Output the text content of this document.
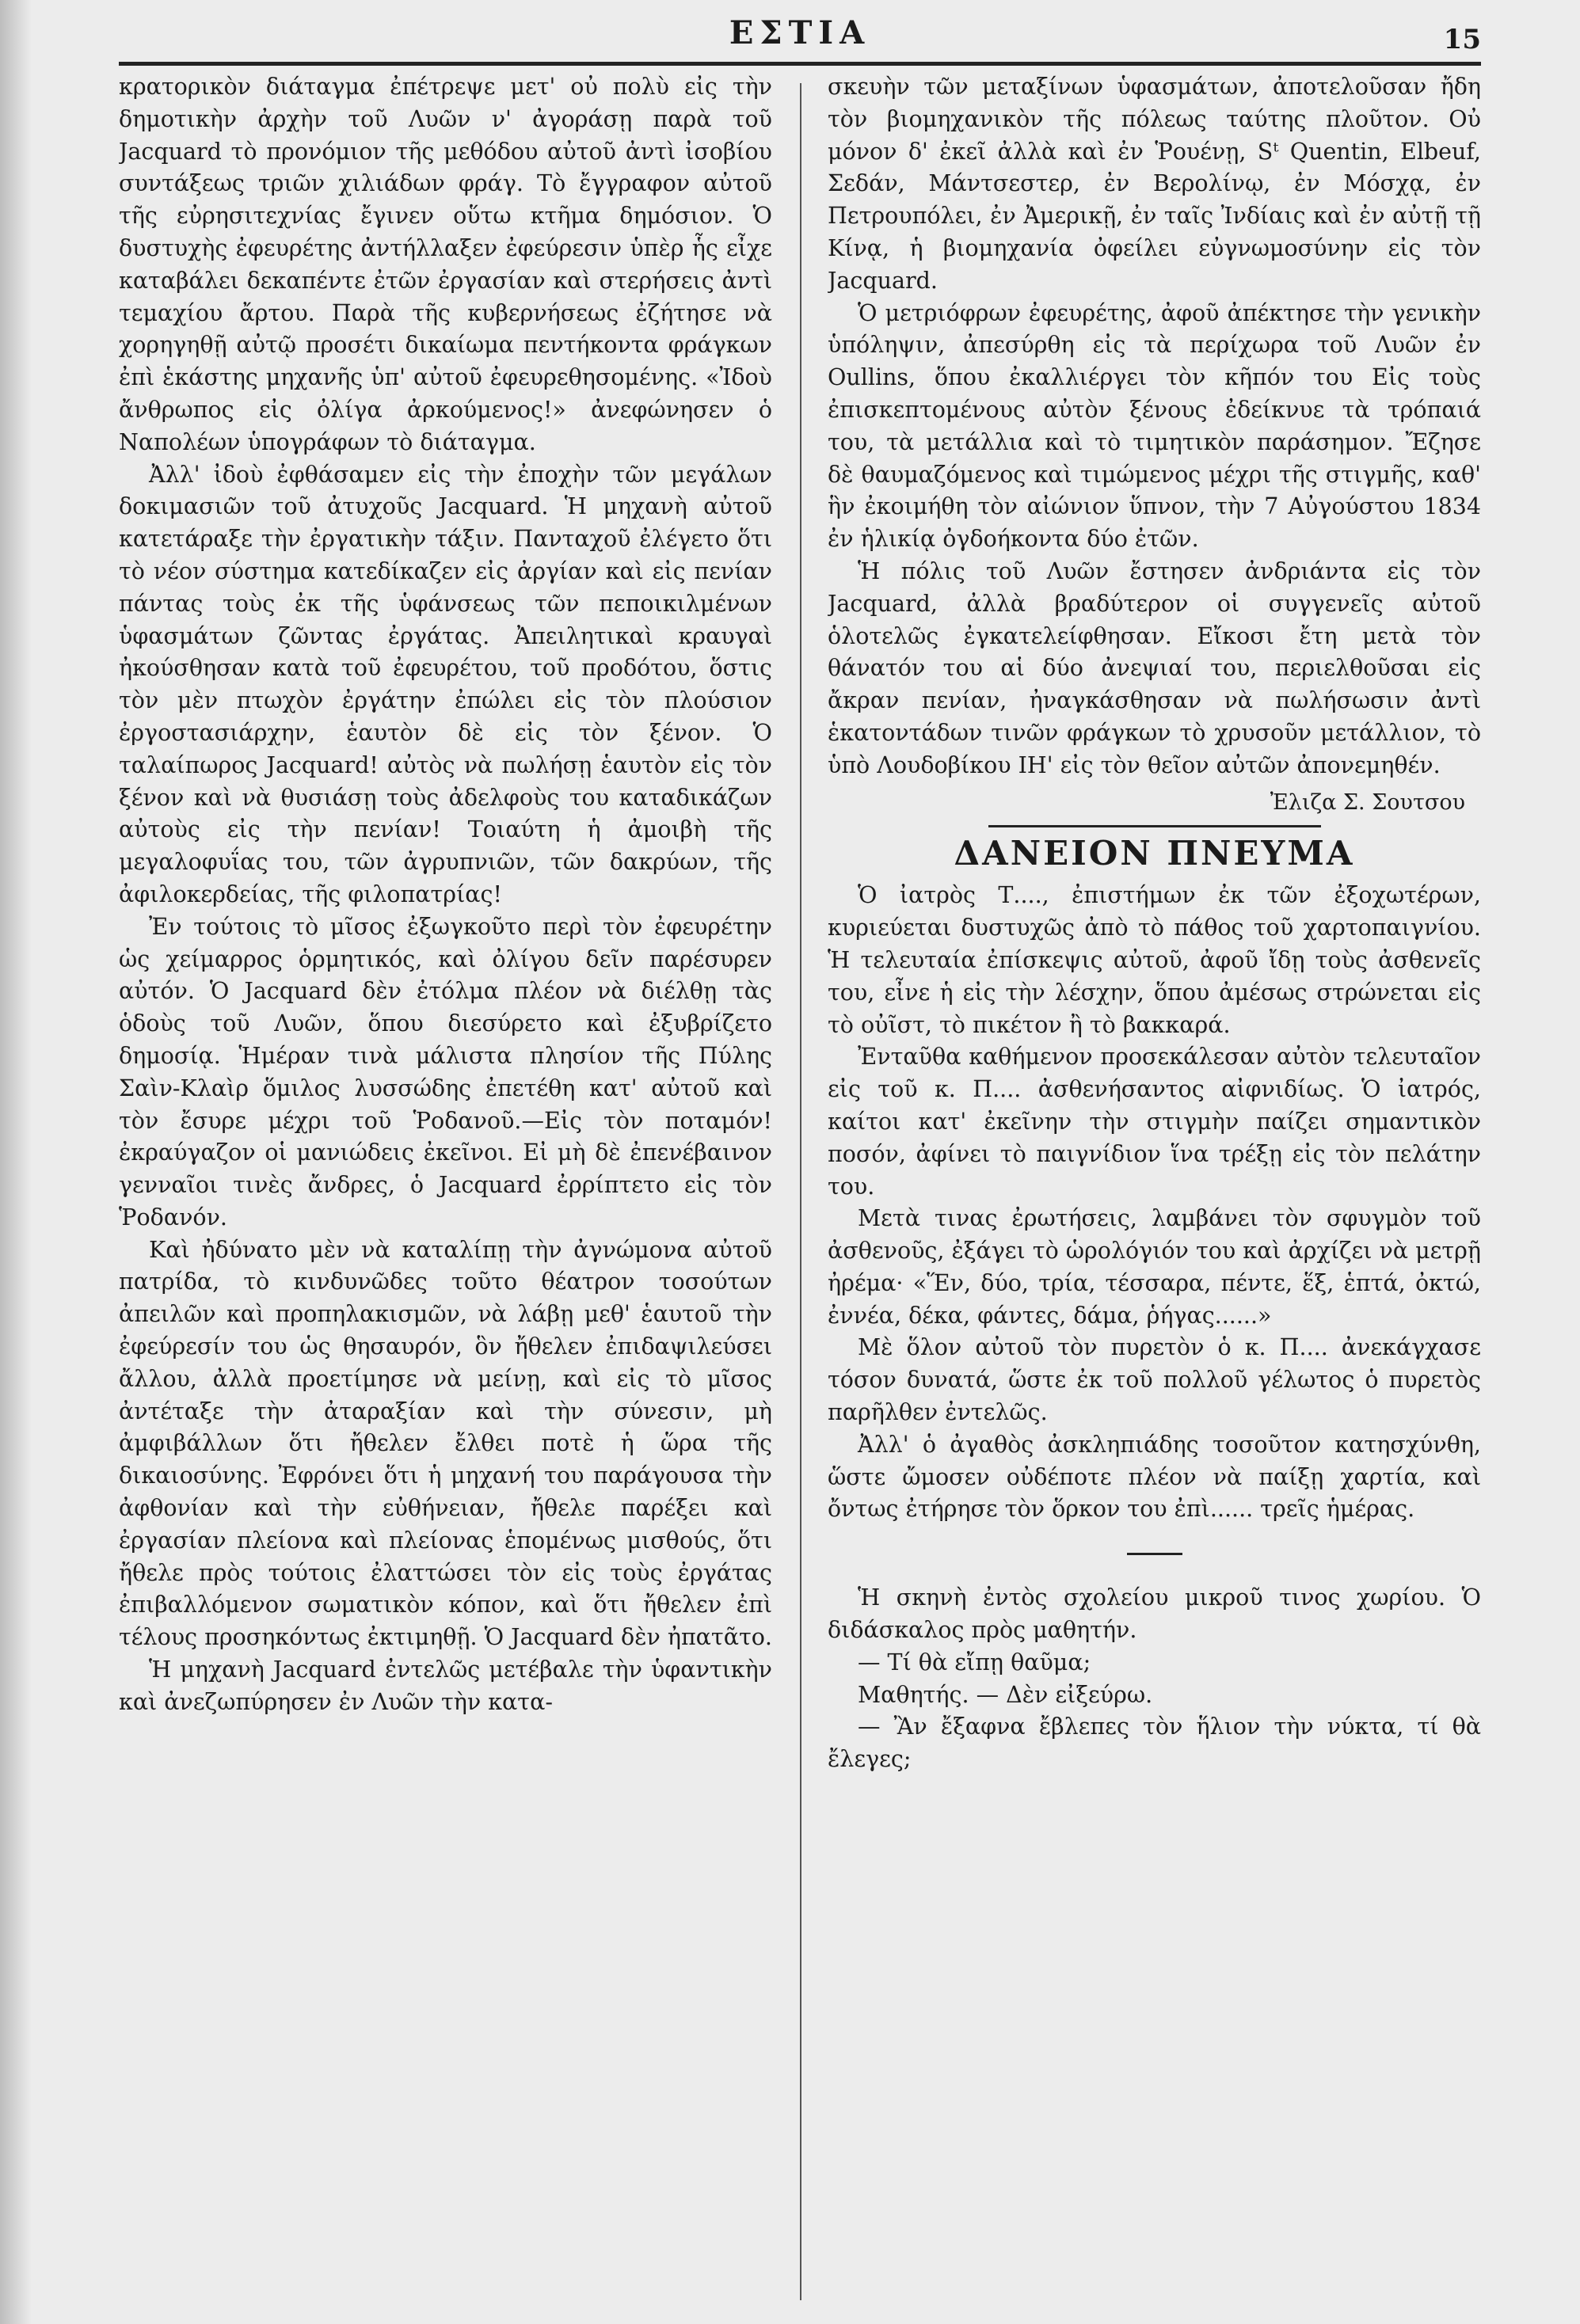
ΕΣΤΙΑ	15

κρατορικὸν διάταγμα ἐπέτρεψε μετ' οὐ πολὺ εἰς τὴν δημοτικὴν ἀρχὴν τοῦ Λυῶν ν' ἀγοράσῃ παρὰ τοῦ Jacquard τὸ προνόμιον τῆς μεθόδου αὐτοῦ ἀντὶ ἰσοβίου συντάξεως τριῶν χιλιάδων φράγ. Τὸ ἔγγραφον αὐτοῦ τῆς εὐρησιτεχνίας ἔγινεν οὕτω κτῆμα δημόσιον. Ὁ δυστυχὴς ἐφευρέτης ἀντήλλαξεν ἐφεύρεσιν ὑπὲρ ἧς εἶχε καταβάλει δεκαπέντε ἐτῶν ἐργασίαν καὶ στερήσεις ἀντὶ τεμαχίου ἄρτου. Παρὰ τῆς κυβερνήσεως ἐζήτησε νὰ χορηγηθῇ αὐτῷ προσέτι δικαίωμα πεντήκοντα φράγκων ἐπὶ ἑκάστης μηχανῆς ὑπ' αὐτοῦ ἐφευρεθησομένης. «Ἰδοὺ ἄνθρωπος εἰς ὀλίγα ἀρκούμενος!» ἀνεφώνησεν ὁ Ναπολέων ὑπογράφων τὸ διάταγμα.

Ἀλλ' ἰδοὺ ἐφθάσαμεν εἰς τὴν ἐποχὴν τῶν μεγάλων δοκιμασιῶν τοῦ ἀτυχοῦς Jacquard. Ἡ μηχανὴ αὐτοῦ κατετάραξε τὴν ἐργατικὴν τάξιν. Πανταχοῦ ἐλέγετο ὅτι τὸ νέον σύστημα κατεδίκαζεν εἰς ἀργίαν καὶ εἰς πενίαν πάντας τοὺς ἐκ τῆς ὑφάνσεως τῶν πεποικιλμένων ὑφασμάτων ζῶντας ἐργάτας. Ἀπειλητικαὶ κραυγαὶ ἠκούσθησαν κατὰ τοῦ ἐφευρέτου, τοῦ προδότου, ὅστις τὸν μὲν πτωχὸν ἐργάτην ἐπώλει εἰς τὸν πλούσιον ἐργοστασιάρχην, ἑαυτὸν δὲ εἰς τὸν ξένον. Ὁ ταλαίπωρος Jacquard! αὐτὸς νὰ πωλήσῃ ἑαυτὸν εἰς τὸν ξένον καὶ νὰ θυσιάσῃ τοὺς ἀδελφοὺς του καταδικάζων αὐτοὺς εἰς τὴν πενίαν! Τοιαύτη ἡ ἀμοιβὴ τῆς μεγαλοφυΐας του, τῶν ἀγρυπνιῶν, τῶν δακρύων, τῆς ἀφιλοκερδείας, τῆς φιλοπατρίας!

Ἐν τούτοις τὸ μῖσος ἐξωγκοῦτο περὶ τὸν ἐφευρέτην ὡς χείμαρρος ὁρμητικός, καὶ ὀλίγου δεῖν παρέσυρεν αὐτόν. Ὁ Jacquard δὲν ἐτόλμα πλέον νὰ διέλθῃ τὰς ὁδοὺς τοῦ Λυῶν, ὅπου διεσύρετο καὶ ἐξυβρίζετο δημοσίᾳ. Ἡμέραν τινὰ μάλιστα πλησίον τῆς Πύλης Σαὶν-Κλαὶρ ὅμιλος λυσσώδης ἐπετέθη κατ' αὐτοῦ καὶ τὸν ἔσυρε μέχρι τοῦ Ῥοδανοῦ.—Εἰς τὸν ποταμόν! ἐκραύγαζον οἱ μανιώδεις ἐκεῖνοι. Εἰ μὴ δὲ ἐπενέβαινον γενναῖοι τινὲς ἄνδρες, ὁ Jacquard ἐρρίπτετο εἰς τὸν Ῥοδανόν.

Καὶ ἠδύνατο μὲν νὰ καταλίπῃ τὴν ἀγνώμονα αὐτοῦ πατρίδα, τὸ κινδυνῶδες τοῦτο θέατρον τοσούτων ἀπειλῶν καὶ προπηλακισμῶν, νὰ λάβῃ μεθ' ἑαυτοῦ τὴν ἐφεύρεσίν του ὡς θησαυρόν, ὃν ἤθελεν ἐπιδαψιλεύσει ἄλλου, ἀλλὰ προετίμησε νὰ μείνῃ, καὶ εἰς τὸ μῖσος ἀντέταξε τὴν ἀταραξίαν καὶ τὴν σύνεσιν, μὴ ἀμφιβάλλων ὅτι ἤθελεν ἔλθει ποτὲ ἡ ὥρα τῆς δικαιοσύνης. Ἐφρόνει ὅτι ἡ μηχανή του παράγουσα τὴν ἀφθονίαν καὶ τὴν εὐθήνειαν, ἤθελε παρέξει καὶ ἐργασίαν πλείονα καὶ πλείονας ἑπομένως μισθούς, ὅτι ἤθελε πρὸς τούτοις ἐλαττώσει τὸν εἰς τοὺς ἐργάτας ἐπιβαλλόμενον σωματικὸν κόπον, καὶ ὅτι ἤθελεν ἐπὶ τέλους προσηκόντως ἐκτιμηθῇ. Ὁ Jacquard δὲν ἠπατᾶτο.

Ἡ μηχανὴ Jacquard ἐντελῶς μετέβαλε τὴν ὑφαντικὴν καὶ ἀνεζωπύρησεν ἐν Λυῶν τὴν κατα-

σκευὴν τῶν μεταξίνων ὑφασμάτων, ἀποτελοῦσαν ἤδη τὸν βιομηχανικὸν τῆς πόλεως ταύτης πλοῦτον. Οὐ μόνον δ' ἐκεῖ ἀλλὰ καὶ ἐν Ῥουένῃ, Sᵗ Quentin, Elbeuf, Σεδάν, Μάντσεστερ, ἐν Βερολίνῳ, ἐν Μόσχᾳ, ἐν Πετρουπόλει, ἐν Ἀμερικῇ, ἐν ταῖς Ἰνδίαις καὶ ἐν αὐτῇ τῇ Κίνᾳ, ἡ βιομηχανία ὀφείλει εὐγνωμοσύνην εἰς τὸν Jacquard.

Ὁ μετριόφρων ἐφευρέτης, ἀφοῦ ἀπέκτησε τὴν γενικὴν ὑπόληψιν, ἀπεσύρθη εἰς τὰ περίχωρα τοῦ Λυῶν ἐν Oullins, ὅπου ἐκαλλιέργει τὸν κῆπόν του Εἰς τοὺς ἐπισκεπτομένους αὐτὸν ξένους ἐδείκνυε τὰ τρόπαιά του, τὰ μετάλλια καὶ τὸ τιμητικὸν παράσημον. Ἔζησε δὲ θαυμαζόμενος καὶ τιμώμενος μέχρι τῆς στιγμῆς, καθ' ἣν ἐκοιμήθη τὸν αἰώνιον ὕπνον, τὴν 7 Αὐγούστου 1834 ἐν ἡλικίᾳ ὀγδοήκοντα δύο ἐτῶν.

Ἡ πόλις τοῦ Λυῶν ἔστησεν ἀνδριάντα εἰς τὸν Jacquard, ἀλλὰ βραδύτερον οἱ συγγενεῖς αὐτοῦ ὁλοτελῶς ἐγκατελείφθησαν. Εἴκοσι ἔτη μετὰ τὸν θάνατόν του αἱ δύο ἀνεψιαί του, περιελθοῦσαι εἰς ἄκραν πενίαν, ἠναγκάσθησαν νὰ πωλήσωσιν ἀντὶ ἑκατοντάδων τινῶν φράγκων τὸ χρυσοῦν μετάλλιον, τὸ ὑπὸ Λουδοβίκου ΙΗ' εἰς τὸν θεῖον αὐτῶν ἀπονεμηθέν.

Ἐλιζα Σ. Σουτσου
ΔΑΝΕΙΟΝ ΠΝΕΥΜΑ

Ὁ ἰατρὸς Τ...., ἐπιστήμων ἐκ τῶν ἐξοχωτέρων, κυριεύεται δυστυχῶς ἀπὸ τὸ πάθος τοῦ χαρτοπαιγνίου. Ἡ τελευταία ἐπίσκεψις αὐτοῦ, ἀφοῦ ἴδῃ τοὺς ἀσθενεῖς του, εἶνε ἡ εἰς τὴν λέσχην, ὅπου ἀμέσως στρώνεται εἰς τὸ οὐῖστ, τὸ πικέτον ἢ τὸ βακκαρά.

Ἐνταῦθα καθήμενον προσεκάλεσαν αὐτὸν τελευταῖον εἰς τοῦ κ. Π.... ἀσθενήσαντος αἰφνιδίως. Ὁ ἰατρός, καίτοι κατ' ἐκεῖνην τὴν στιγμὴν παίζει σημαντικὸν ποσόν, ἀφίνει τὸ παιγνίδιον ἵνα τρέξῃ εἰς τὸν πελάτην του.

Μετὰ τινας ἐρωτήσεις, λαμβάνει τὸν σφυγμὸν τοῦ ἀσθενοῦς, ἐξάγει τὸ ὡρολόγιόν του καὶ ἀρχίζει νὰ μετρῇ ἠρέμα· «Ἕν, δύο, τρία, τέσσαρα, πέντε, ἕξ, ἑπτά, ὀκτώ, ἐννέα, δέκα, φάντες, δάμα, ῥήγας......»

Μὲ ὅλον αὐτοῦ τὸν πυρετὸν ὁ κ. Π.... ἀνεκάγχασε τόσον δυνατά, ὥστε ἐκ τοῦ πολλοῦ γέλωτος ὁ πυρετὸς παρῆλθεν ἐντελῶς.

Ἀλλ' ὁ ἀγαθὸς ἀσκληπιάδης τοσοῦτον κατησχύνθη, ὥστε ὤμοσεν οὐδέποτε πλέον νὰ παίξῃ χαρτία, καὶ ὄντως ἐτήρησε τὸν ὅρκον του ἐπὶ...... τρεῖς ἡμέρας.

Ἡ σκηνὴ ἐντὸς σχολείου μικροῦ τινος χωρίου. Ὁ διδάσκαλος πρὸς μαθητήν.

— Τί θὰ εἴπῃ θαῦμα;

Μαθητής. — Δὲν εἰξεύρω.

— Ἂν ἔξαφνα ἔβλεπες τὸν ἥλιον τὴν νύκτα, τί θὰ ἔλεγες;
